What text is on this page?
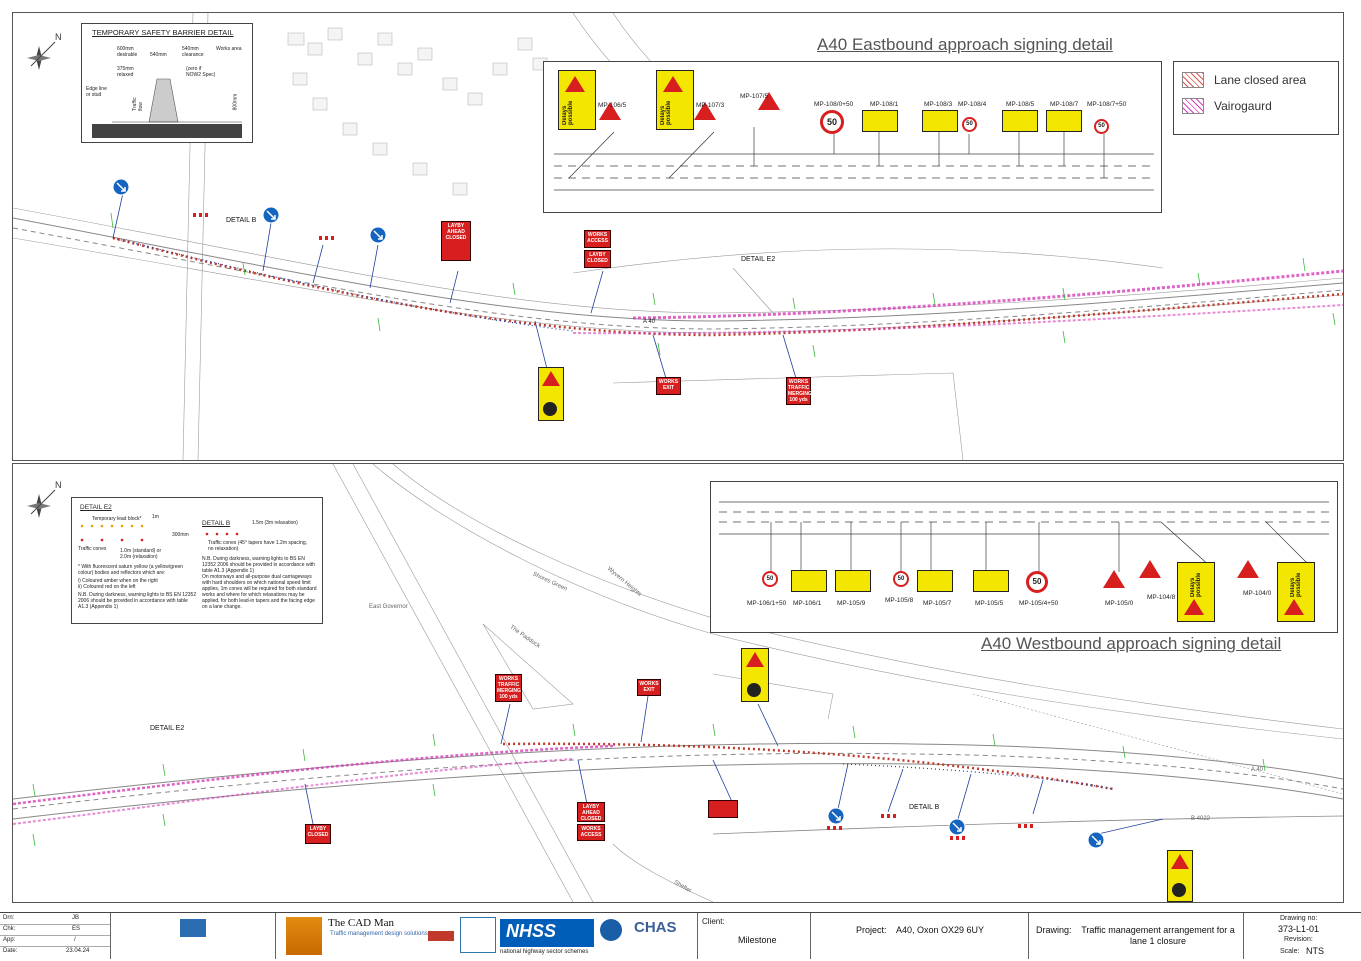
N	TEMPORARY SAFETY BARRIER DETAIL
600mm desirable	540mm
540mm clearance
Works area
375mm relaxed
(zero if NOW2 Spec)
Edge line or stud
Traffic flow	800mm
A40 Eastbound approach signing detail
Delays possible	Delays possible	50	50	50
MP-106/5	MP-107/3
MP-107/5
MP-108/0+50	MP-108/1	MP-108/3 MP-108/4	MP-108/5 MP-108/7 MP-108/7+50
Lane closed area
Vairogaurd
DETAIL B
DETAIL E2
A 40
LAYBY AHEAD CLOSED	WORKS ACCESS
LAYBY CLOSED
WORKS EXIT
WORKS TRAFFIC MERGING 100 yds
N
DETAIL E2
DETAIL B
1m
300mm
Temporary lead block*
Traffic cones	1.0m (standard) or 2.0m (relaxation)
* With fluorescent saturn yellow (a yellow/green colour) bodies and reflectors which are:
i) Coloured amber when on the right
ii) Coloured red on the left
N.B. During darkness, warning lights to BS EN 12352 2006 should be provided in accordance with table A1.3 (Appendix 1)
1.5m (3m relaxation)
Traffic cones (45° tapers have 1.2m spacing, no relaxation)
N.B. During darkness, warning lights to BS EN 12352 2006 should be provided in accordance with table A1.3 (Appendix 1)
On motorways and all-purpose dual carriageways with hard shoulders on which national speed limit applies, 1m cones will be required for both standard works and where for which relaxations may be applied, for both lead-in tapers and the facing edge on a lane change.
50	50	50	Delays possible	Delays possible
MP-106/1+50 MP-106/1 MP-105/9	MP-105/8 MP-105/7	MP-105/5 MP-105/4+50	MP-105/0
MP-104/8
MP-104/0
A40 Westbound approach signing detail
East Governor
The Paddock
Shores Green	Wyvern Heights
Shelter
B 4022
A 40
DETAIL E2
DETAIL B
WORKS TRAFFIC MERGING 100 yds
WORKS EXIT
LAYBY AHEAD CLOSED
WORKS ACCESS
LAYBY CLOSED
Drn:	JB
Chk:	ES
App:	/
Date:	23.04.24
The CAD Man
Traffic management design solutions	NHSS
national highway sector schemes
CHAS	Client:
Milestone
Project: A40, Oxon OX29 6UY	Drawing:	Traffic management arrangement for a lane 1 closure
Drawing no:
373-L1-01
Revision:
Scale: NTS
